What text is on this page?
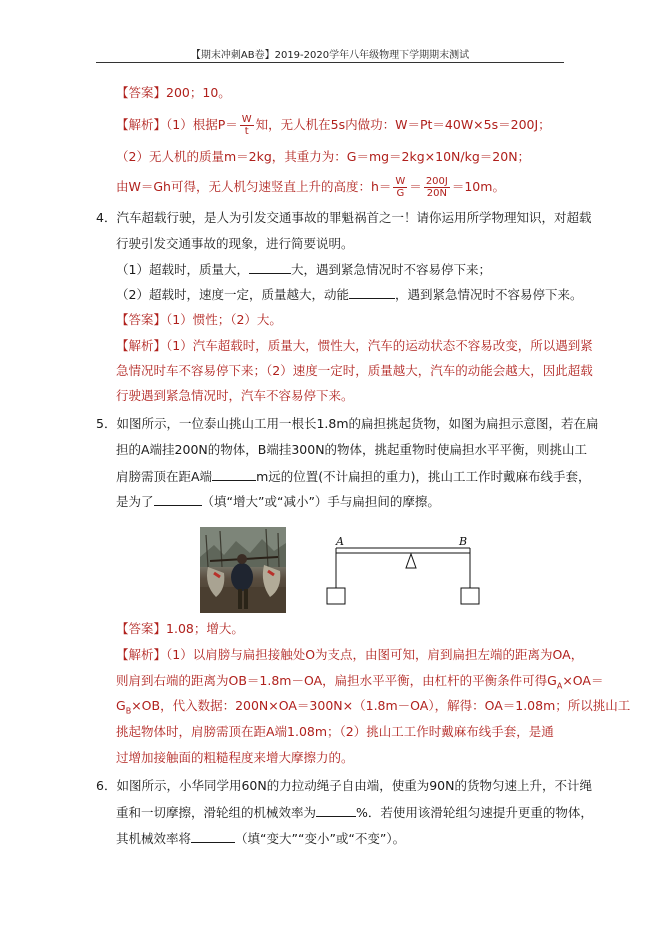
【期末冲刺AB卷】2019-2020学年八年级物理下学期期末测试
【答案】200；10。
【解析】（1）根据$P= \frac{W}{t}$ 知，无人机在5s内做功：W＝Pt＝40W×5s＝200J；
（2）无人机的质量m＝2kg，其重力为：G＝mg＝2kg×10N/kg＝20N；
由W＝Gh可得，无人机匀速竖直上升的高度：$h= \frac{W}{G} = \frac{200J}{20N} =10m$。
4．汽车超载行驶，是人为引发交通事故的罪魁祸首之一！请你运用所学物理知识，对超载
行驶引发交通事故的现象，进行简要说明。
（1）超载时，质量大，	大，遇到紧急情况时不容易停下来；
（2）超载时，速度一定，质量越大，动能	，遇到紧急情况时不容易停下来。
【答案】（1）惯性；（2）大。
【解析】（1）汽车超载时，质量大，惯性大，汽车的运动状态不容易改变，所以遇到紧
急情况时车不容易停下来；（2）速度一定时，质量越大，汽车的动能会越大，因此超载
行驶遇到紧急情况时，汽车不容易停下来。
5．如图所示，一位泰山挑山工用一根长1.8m的扁担挑起货物，如图为扁担示意图，若在扁
担的A端挂200N的物体，B端挂300N的物体，挑起重物时使扁担水平平衡，则挑山工
肩膀需顶在距A端	m远的位置(不计扁担的重力)，挑山工工作时戴麻布线手套，
是为了	（填“增大”或“减小”）手与扁担间的摩擦。
A	B
【答案】1.08；增大。
【解析】（1）以肩膀与扁担接触处O为支点，由图可知，肩到扁担左端的距离为OA，
则肩到右端的距离为OB＝1.8m－OA，扁担水平平衡，由杠杆的平衡条件可得$G_A\times OA=$
$G_B\times OB$，代入数据：200N×OA＝300N×（1.8m－OA），解得：OA＝1.08m；所以挑山工
挑起物体时，肩膀需顶在距A端1.08m；（2）挑山工工作时戴麻布线手套，是通
过增加接触面的粗糙程度来增大摩擦力的。
6．如图所示，小华同学用60N的力拉动绳子自由端，使重为90N的货物匀速上升，不计绳
重和一切摩擦，滑轮组的机械效率为	%．若使用该滑轮组匀速提升更重的物体，
其机械效率将	（填“变大”“变小”或“不变”）。
